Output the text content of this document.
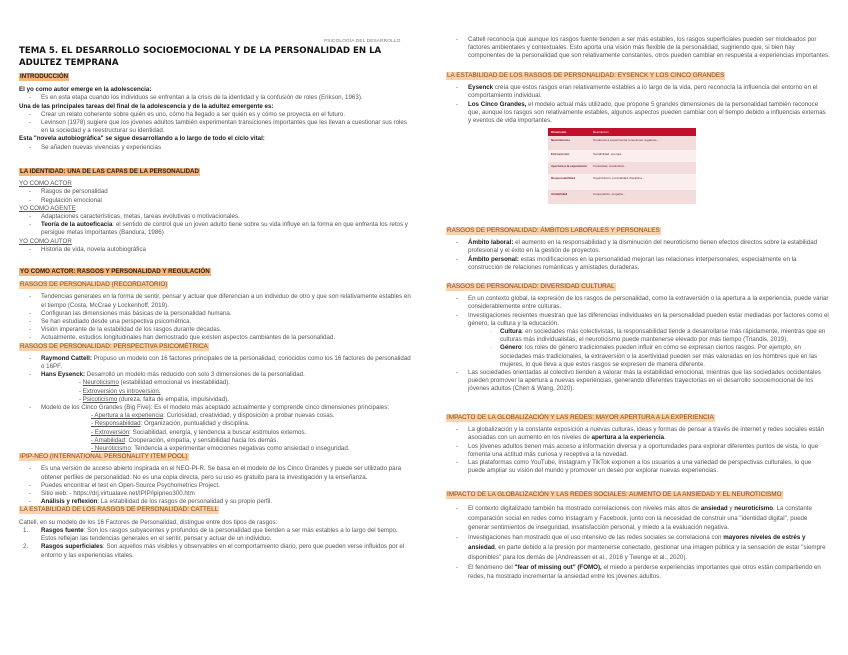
PSICOLOGÍA DEL DESARROLLO
TEMA 5. EL DESARROLLO SOCIOEMOCIONAL Y DE LA PERSONALIDAD EN LA ADULTEZ TEMPRANA
INTRODUCCIÓN
El yo como autor emerge en la adolescencia:
- Es en esta etapa cuando los individuos se enfrentan a la crisis de la identidad y la confusión de roles (Erikson, 1963).
Una de las principales tareas del final de la adolescencia y de la adultez emergente es:
- Crear un relato coherente sobre quién es uno, cómo ha llegado a ser quién es y cómo se proyecta en el futuro.
- Levinson (1978) sugiere que los jóvenes adultos también experimentan transiciones importantes que les llevan a cuestionar sus roles en la sociedad y a reestructurar su identidad.
Esta "novela autobiográfica" se sigue desarrollando a lo largo de todo el ciclo vital:
- Se añaden nuevas vivencias y experiencias
LA IDENTIDAD: UNA DE LAS CAPAS DE LA PERSONALIDAD
YO COMO ACTOR
- Rasgos de personalidad
- Regulación emocional
YO COMO AGENTE
- Adaptaciones características, metas, tareas evolutivas o motivacionales.
- Teoría de la autoeficacia: el sentido de control que un joven adulto tiene sobre su vida influye en la forma en que enfrenta los retos y persigue metas importantes (Bandura, 1986)
YO COMO AUTOR
- Historia de vida, novela autobiográfica
YO COMO ACTOR: RASGOS Y PERSONALIDAD Y REGULACIÓN
RASGOS DE PERSONALIDAD (RECORDATORIO)
- Tendencias generales en la forma de sentir, pensar y actuar que diferencian a un individuo de otro y que son relativamente estables en el tiempo (Costa, McCrae y Lockenhoff, 2019).
- Configuran las dimensiones más básicas de la personalidad humana.
- Se han estudiado desde una perspectiva psicométrica.
- Visión imperante de la estabilidad de los rasgos durante décadas.
- Actualmente, estudios longitudinales han demostrado que existen aspectos cambiantes de la personalidad.
RASGOS DE PERSONALIDAD: PERSPECTIVA PSICOMÉTRICA
- Raymond Cattell: Propuso un modelo con 16 factores principales de la personalidad, conocidos como los 16 factores de personalidad o 16PF.
- Hans Eysenck: Desarrolló un modelo más reducido con solo 3 dimensiones de la personalidad.
- Neuroticismo (estabilidad emocional vs inestabilidad).
- Extroversión vs introversión.
- Psicoticismo (dureza, falta de empatía, impulsividad).
- Modelo de los Cinco Grandes (Big Five): Es el modelo más aceptado actualmente y comprende cinco dimensiones principales:
- Apertura a la experiencia: Curiosidad, creatividad, y disposición a probar nuevas cosas.
- Responsabilidad: Organización, puntualidad y disciplina.
- Extroversión: Sociabilidad, energía, y tendencia a buscar estímulos externos.
- Amabilidad: Cooperación, empatía, y sensibilidad hacia los demás.
- Neuroticismo: Tendencia a experimentar emociones negativas como ansiedad o inseguridad.
IPIP-NEO (INTERNATIONAL PERSONALITY ITEM POOL)
- Es una versión de acceso abierto inspirada en el NEO-PI-R. Se basa en el modelo de los Cinco Grandes y puede ser utilizado para obtener perfiles de personalidad. No es una copia directa, pero su uso es gratuito para la investigación y la enseñanza.
- Puedes encontrar el test en Open-Source Psychometrics Project.
- Sitio web: - https://drj.virtualave.net/IPIP/ipipneo300.htm
- Análisis y reflexión: La estabilidad de los rasgos de personalidad y su propio perfil.
LA ESTABILIDAD DE LOS RASGOS DE PERSONALIDAD: CATTELL
Cattell, en su modelo de los 16 Factores de Personalidad, distingue entre dos tipos de rasgos:
1. Rasgos fuente: Son los rasgos subyacentes y profundos de la personalidad que tienden a ser más estables a lo largo del tiempo. Estos reflejan las tendencias generales en el sentir, pensar y actuar de un individuo.
2. Rasgos superficiales: Son aquellos más visibles y observables en el comportamiento diario, pero que pueden verse influidos por el entorno y las experiencias vitales.
- Cattell reconocía que aunque los rasgos fuente tienden a ser más estables, los rasgos superficiales pueden ser moldeados por factores ambientales y contextuales. Esto aporta una visión más flexible de la personalidad, sugiriendo que, si bien hay componentes de la personalidad que son relativamente constantes, otros pueden cambiar en respuesta a experiencias importantes.
LA ESTABILIDAD DE LOS RASGOS DE PERSONALIDAD: EYSENCK Y LOS CINCO GRANDES
- Eysenck creía que estos rasgos eran relativamente estables a lo largo de la vida, pero reconocía la influencia del entorno en el comportamiento individual.
- Los Cinco Grandes, el modelo actual más utilizado, que propone 5 grandes dimensiones de la personalidad también reconoce que, aunque los rasgos son relativamente estables, algunos aspectos pueden cambiar con el tiempo debido a influencias externas y eventos de vida importantes.
Dimensión	Descripción
Neuroticismo	Tendencia a experimentar emociones negativas...
Extroversión	Sociabilidad, energía...
Apertura a la experiencia	Curiosidad, creatividad...
Responsabilidad	Organización, puntualidad, disciplina...
Amabilidad	Cooperación, empatía...
RASGOS DE PERSONALIDAD: ÁMBITOS LABORALES Y PERSONALES
- Ámbito laboral: el aumento en la responsabilidad y la disminución del neuroticismo tienen efectos directos sobre la estabilidad profesional y el éxito en la gestión de proyectos.
- Ámbito personal: estas modificaciones en la personalidad mejoran las relaciones interpersonales, especialmente en la construcción de relaciones románticas y amistades duraderas.
RASGOS DE PERSONALIDAD: DIVERSIDAD CULTURAL
- En un contexto global, la expresión de los rasgos de personalidad, como la extraversión o la apertura a la experiencia, puede variar considerablemente entre culturas.
- Investigaciones recientes muestran que las diferencias individuales en la personalidad pueden estar mediadas por factores como el género, la cultura y la educación.
· Cultura: en sociedades más colectivistas, la responsabilidad tiende a desarrollarse más rápidamente, mientras que en culturas más individualistas, el neuroticismo puede mantenerse elevado por más tiempo (Triandis, 2019).
· Género: los roles de género tradicionales pueden influir en cómo se expresan ciertos rasgos. Por ejemplo, en sociedades más tradicionales, la extraversión o la asertividad pueden ser más valoradas en los hombres que en las mujeres, lo que lleva a que estos rasgos se expresen de manera diferente.
- Las sociedades orientadas al colectivo tienden a valorar más la estabilidad emocional, mientras que las sociedades occidentales pueden promover la apertura a nuevas experiencias, generando diferentes trayectorias en el desarrollo socioemocional de los jóvenes adultos (Chen & Wang, 2020).
IMPACTO DE LA GLOBALIZACIÓN Y LAS REDES: MAYOR APERTURA A LA EXPERIENCIA
- La globalización y la constante exposición a nuevas culturas, ideas y formas de pensar a través de internet y redes sociales están asociadas con un aumento en los niveles de apertura a la experiencia.
- Los jóvenes adultos tienen más acceso a información diversa y a oportunidades para explorar diferentes puntos de vista, lo que fomenta una actitud más curiosa y receptiva a la novedad.
- Las plataformas como YouTube, Instagram y TikTok exponen a los usuarios a una variedad de perspectivas culturales, lo que puede ampliar su visión del mundo y promover un deseo por explorar nuevas experiencias.
IMPACTO DE LA GLOBALIZACIÓN Y LAS REDES SOCIALES: AUMENTO DE LA ANSIEDAD Y EL NEUROTICISMO
- El contexto digitalizado también ha mostrado correlaciones con niveles más altos de ansiedad y neuroticismo. La constante comparación social en redes como Instagram y Facebook, junto con la necesidad de construir una "identidad digital", puede generar sentimientos de inseguridad, insatisfacción personal, y miedo a la evaluación negativa.
- Investigaciones han mostrado que el uso intensivo de las redes sociales se correlaciona con mayores niveles de estrés y ansiedad, en parte debido a la presión por mantenerse conectado, gestionar una imagen pública y la sensación de estar "siempre disponibles" para los demás de (Andreassen et al., 2016 y Twenge et al., 2020).
- El fenómeno del "fear of missing out" (FOMO), el miedo a perderse experiencias importantes que otros están compartiendo en redes, ha mostrado incrementar la ansiedad entre los jóvenes adultos.
